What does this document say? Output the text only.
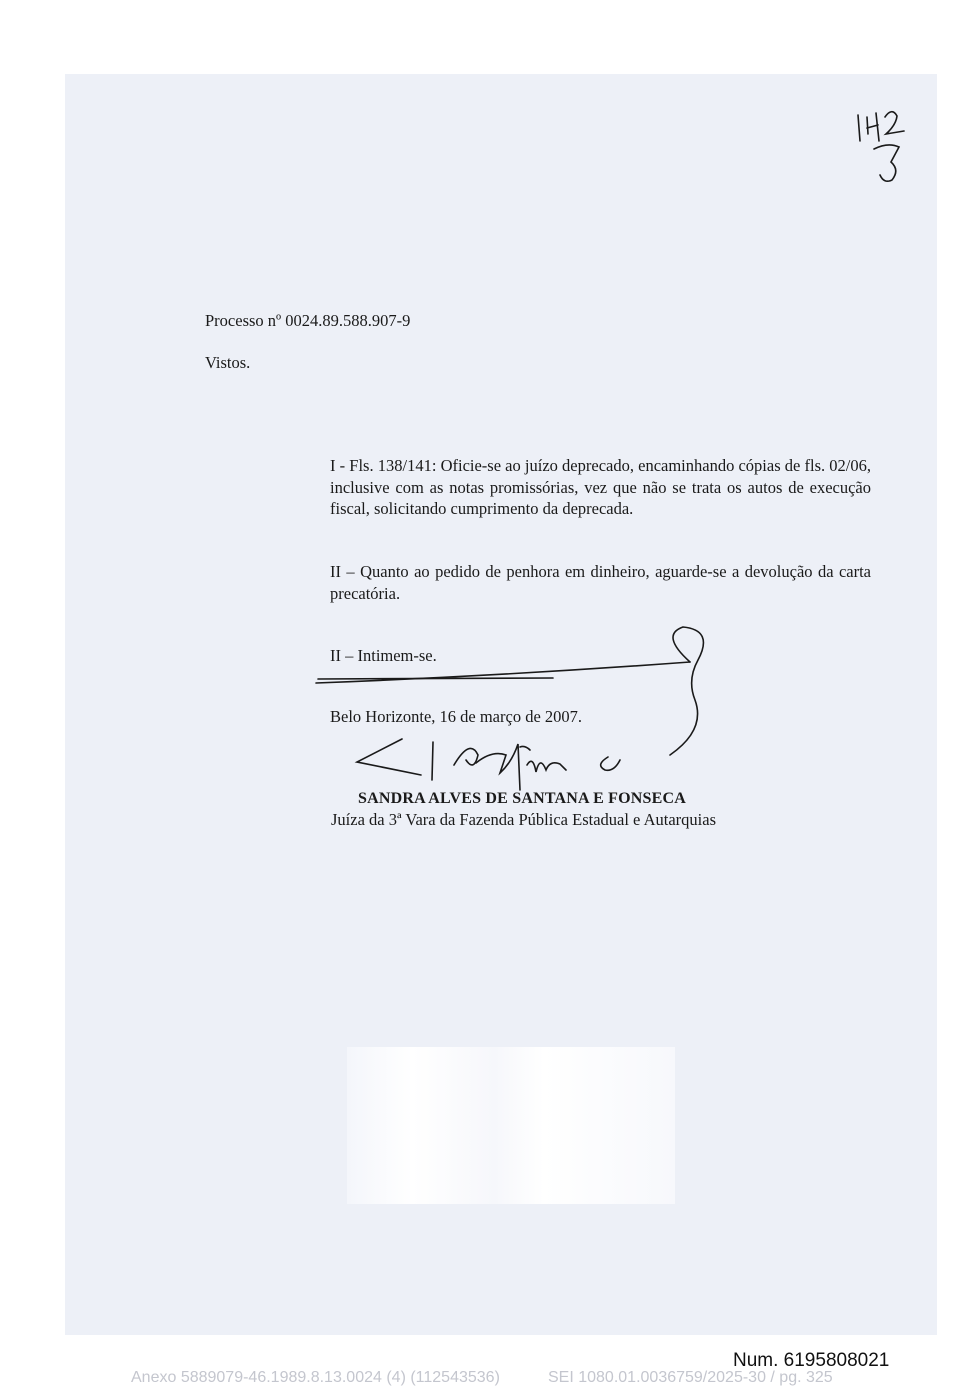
Processo nº 0024.89.588.907-9
Vistos.
I - Fls. 138/141: Oficie-se ao juízo deprecado, encaminhando cópias de fls. 02/06, inclusive com as notas promissórias, vez que não se trata os autos de execução fiscal, solicitando cumprimento da deprecada.
II – Quanto ao pedido de penhora em dinheiro, aguarde-se a devolução da carta precatória.
II – Intimem-se.
Belo Horizonte, 16 de março de 2007.
SANDRA ALVES DE SANTANA E FONSECA
Juíza da 3ª Vara da Fazenda Pública Estadual e Autarquias
Num. 6195808021
Anexo 5889079-46.1989.8.13.0024 (4) (112543536)	SEI 1080.01.0036759/2025-30 / pg. 325
